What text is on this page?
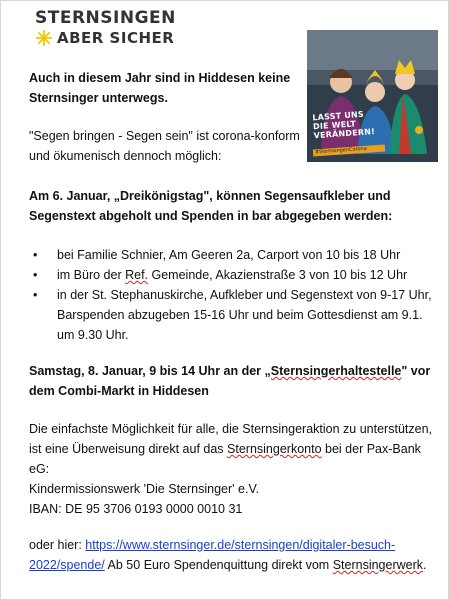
STERNSINGEN
ABER SICHER
LASST UNS DIE WELT VERÄNDERN!
#SternsingenCorona

Auch in diesem Jahr sind in Hiddesen keine Sternsinger unterwegs.

"Segen bringen - Segen sein" ist corona-konform und ökumenisch dennoch möglich:

Am 6. Januar, „Dreikönigstag", können Segensaufkleber und Segenstext abgeholt und Spenden in bar abgegeben werden:

• bei Familie Schnier, Am Geeren 2a, Carport von 10 bis 18 Uhr
• im Büro der Ref. Gemeinde, Akazienstraße 3 von 10 bis 12 Uhr
• in der St. Stephanuskirche, Aufkleber und Segenstext von 9-17 Uhr, Barspenden abzugeben 15-16 Uhr und beim Gottesdienst am 9.1. um 9.30 Uhr.

Samstag, 8. Januar, 9 bis 14 Uhr an der „Sternsingerhaltestelle" vor dem Combi-Markt in Hiddesen

Die einfachste Möglichkeit für alle, die Sternsingeraktion zu unterstützen, ist eine Überweisung direkt auf das Sternsingerkonto bei der Pax-Bank eG:
Kindermissionswerk 'Die Sternsinger' e.V.
IBAN: DE 95 3706 0193 0000 0010 31

oder hier: https://www.sternsinger.de/sternsingen/digitaler-besuch-2022/spende/ Ab 50 Euro Spendenquittung direkt vom Sternsingerwerk.
